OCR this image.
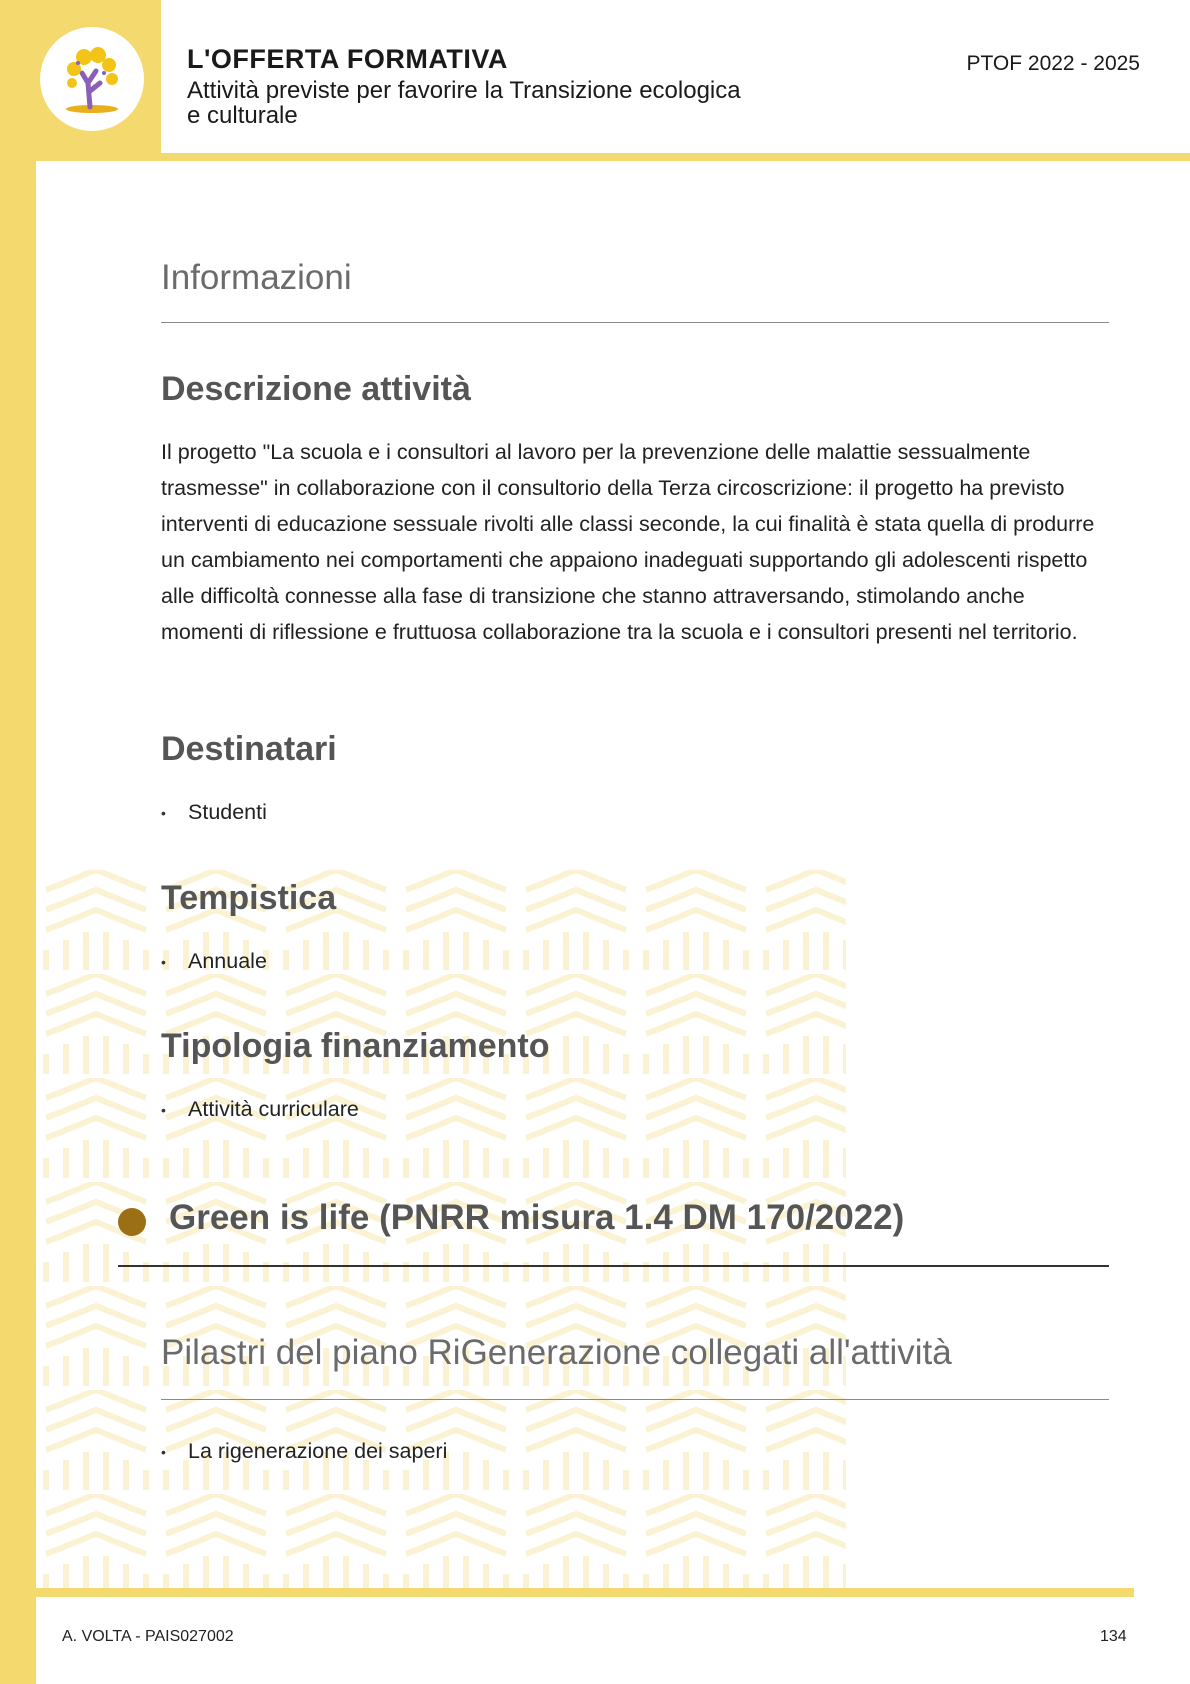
L'OFFERTA FORMATIVA
Attività previste per favorire la Transizione ecologica e culturale
PTOF 2022 - 2025
Informazioni
Descrizione attività
Il progetto "La scuola e i consultori al lavoro per la prevenzione delle malattie sessualmente trasmesse" in collaborazione con il consultorio della Terza circoscrizione: il progetto ha previsto interventi di educazione sessuale rivolti alle classi seconde, la cui finalità è stata quella di produrre un cambiamento nei comportamenti che appaiono inadeguati supportando gli adolescenti rispetto alle difficoltà connesse alla fase di transizione che stanno attraversando, stimolando anche momenti di riflessione e fruttuosa collaborazione tra la scuola e i consultori presenti nel territorio.
Destinatari
•	Studenti
Tempistica
•	Annuale
Tipologia finanziamento
•	Attività curriculare
Green is life (PNRR misura 1.4 DM 170/2022)
Pilastri del piano RiGenerazione collegati all'attività
•	La rigenerazione dei saperi
A. VOLTA - PAIS027002	134
